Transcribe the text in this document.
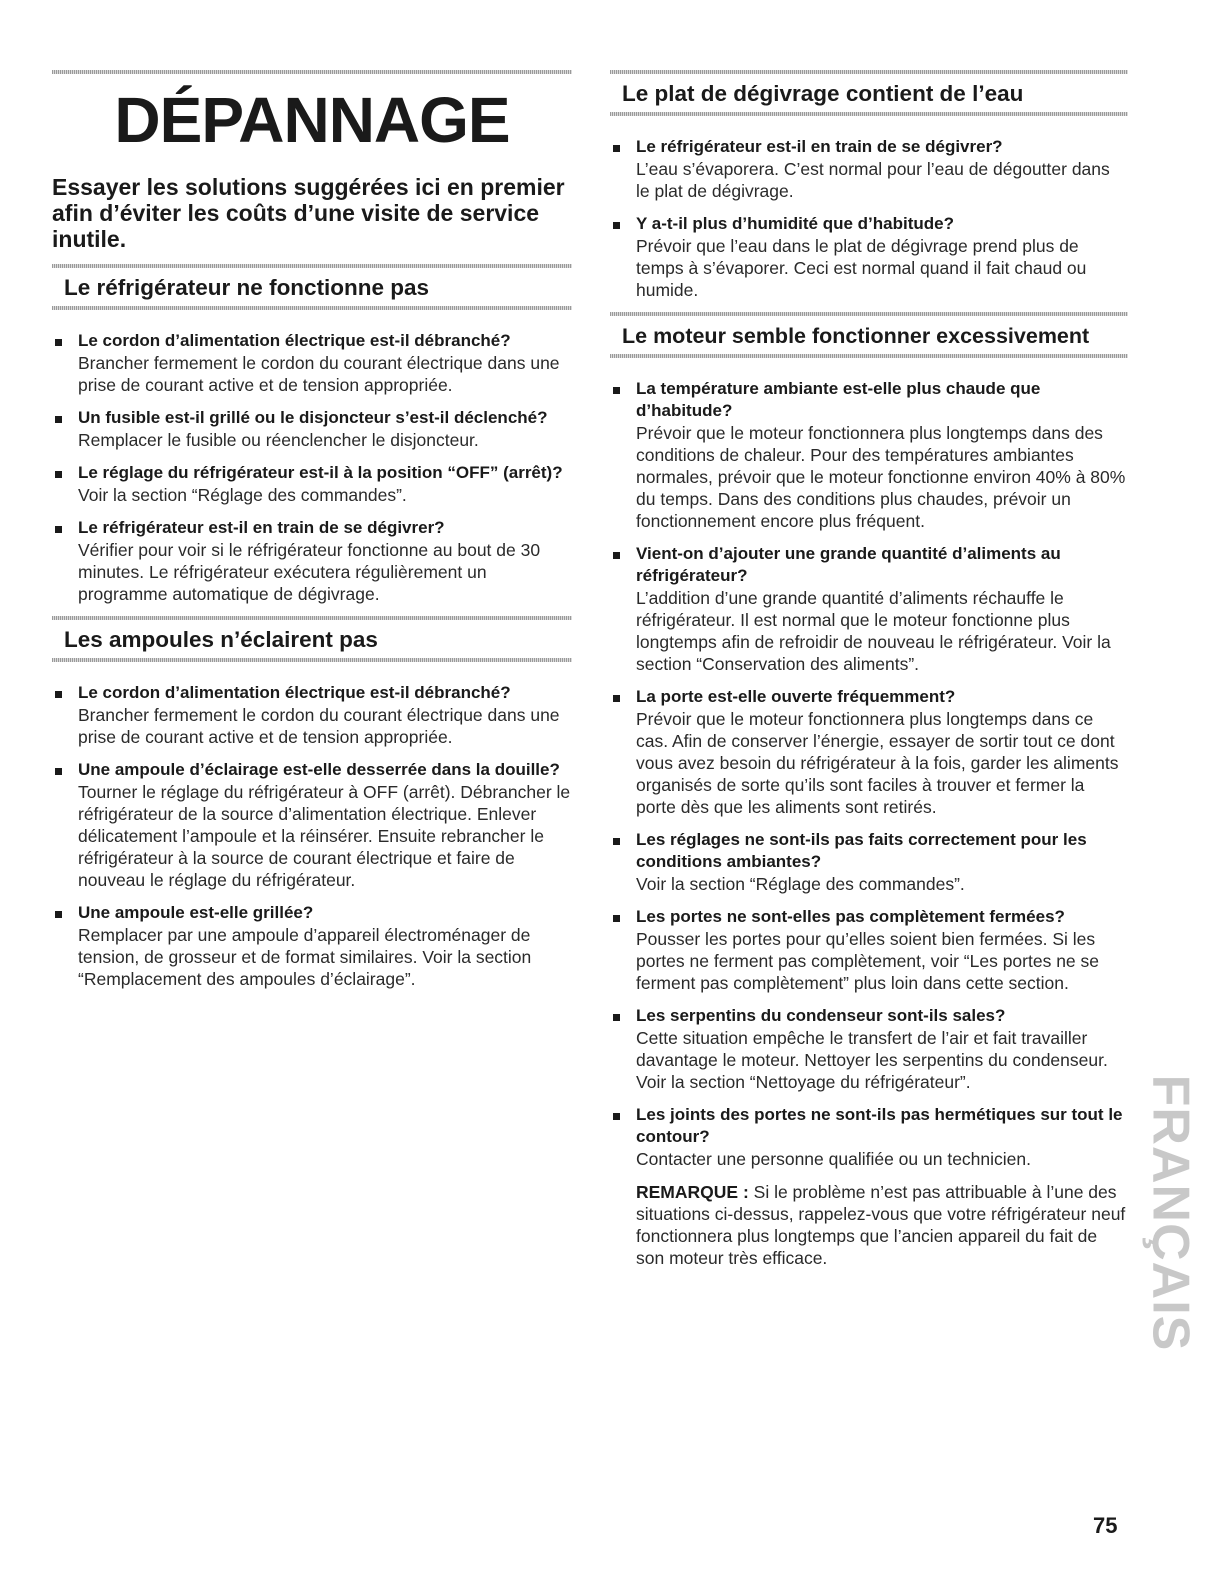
DÉPANNAGE

Essayer les solutions suggérées ici en premier afin d’éviter les coûts d’une visite de service inutile.

Le réfrigérateur ne fonctionne pas
Le cordon d’alimentation électrique est-il débranché?
Brancher fermement le cordon du courant électrique dans une prise de courant active et de tension appropriée.
Un fusible est-il grillé ou le disjoncteur s’est-il déclenché?
Remplacer le fusible ou réenclencher le disjoncteur.
Le réglage du réfrigérateur est-il à la position “OFF” (arrêt)?
Voir la section “Réglage des commandes”.
Le réfrigérateur est-il en train de se dégivrer?
Vérifier pour voir si le réfrigérateur fonctionne au bout de 30 minutes. Le réfrigérateur exécutera régulièrement un programme automatique de dégivrage.
Les ampoules n’éclairent pas
Le cordon d’alimentation électrique est-il débranché?
Brancher fermement le cordon du courant électrique dans une prise de courant active et de tension appropriée.
Une ampoule d’éclairage est-elle desserrée dans la douille?
Tourner le réglage du réfrigérateur à OFF (arrêt). Débrancher le réfrigérateur de la source d’alimentation électrique. Enlever délicatement l’ampoule et la réinsérer. Ensuite rebrancher le réfrigérateur à la source de courant électrique et faire de nouveau le réglage du réfrigérateur.
Une ampoule est-elle grillée?
Remplacer par une ampoule d’appareil électroménager de tension, de grosseur et de format similaires. Voir la section “Remplacement des ampoules d’éclairage”.
Le plat de dégivrage contient de l’eau
Le réfrigérateur est-il en train de se dégivrer?
L’eau s’évaporera. C’est normal pour l’eau de dégoutter dans le plat de dégivrage.
Y a-t-il plus d’humidité que d’habitude?
Prévoir que l’eau dans le plat de dégivrage prend plus de temps à s’évaporer. Ceci est normal quand il fait chaud ou humide.
Le moteur semble fonctionner excessivement
La température ambiante est-elle plus chaude que d’habitude?
Prévoir que le moteur fonctionnera plus longtemps dans des conditions de chaleur. Pour des températures ambiantes normales, prévoir que le moteur fonctionne environ 40% à 80% du temps. Dans des conditions plus chaudes, prévoir un fonctionnement encore plus fréquent.
Vient-on d’ajouter une grande quantité d’aliments au réfrigérateur?
L’addition d’une grande quantité d’aliments réchauffe le réfrigérateur. Il est normal que le moteur fonctionne plus longtemps afin de refroidir de nouveau le réfrigérateur. Voir la section “Conservation des aliments”.
La porte est-elle ouverte fréquemment?
Prévoir que le moteur fonctionnera plus longtemps dans ce cas. Afin de conserver l’énergie, essayer de sortir tout ce dont vous avez besoin du réfrigérateur à la fois, garder les aliments organisés de sorte qu’ils sont faciles à trouver et fermer la porte dès que les aliments sont retirés.
Les réglages ne sont-ils pas faits correctement pour les conditions ambiantes?
Voir la section “Réglage des commandes”.
Les portes ne sont-elles pas complètement fermées?
Pousser les portes pour qu’elles soient bien fermées. Si les portes ne ferment pas complètement, voir “Les portes ne se ferment pas complètement” plus loin dans cette section.
Les serpentins du condenseur sont-ils sales?
Cette situation empêche le transfert de l’air et fait travailler davantage le moteur. Nettoyer les serpentins du condenseur. Voir la section “Nettoyage du réfrigérateur”.
Les joints des portes ne sont-ils pas hermétiques sur tout le contour?
Contacter une personne qualifiée ou un technicien.

REMARQUE : Si le problème n’est pas attribuable à l’une des situations ci-dessus, rappelez-vous que votre réfrigérateur neuf fonctionnera plus longtemps que l’ancien appareil du fait de son moteur très efficace.	FRANÇAIS
75
